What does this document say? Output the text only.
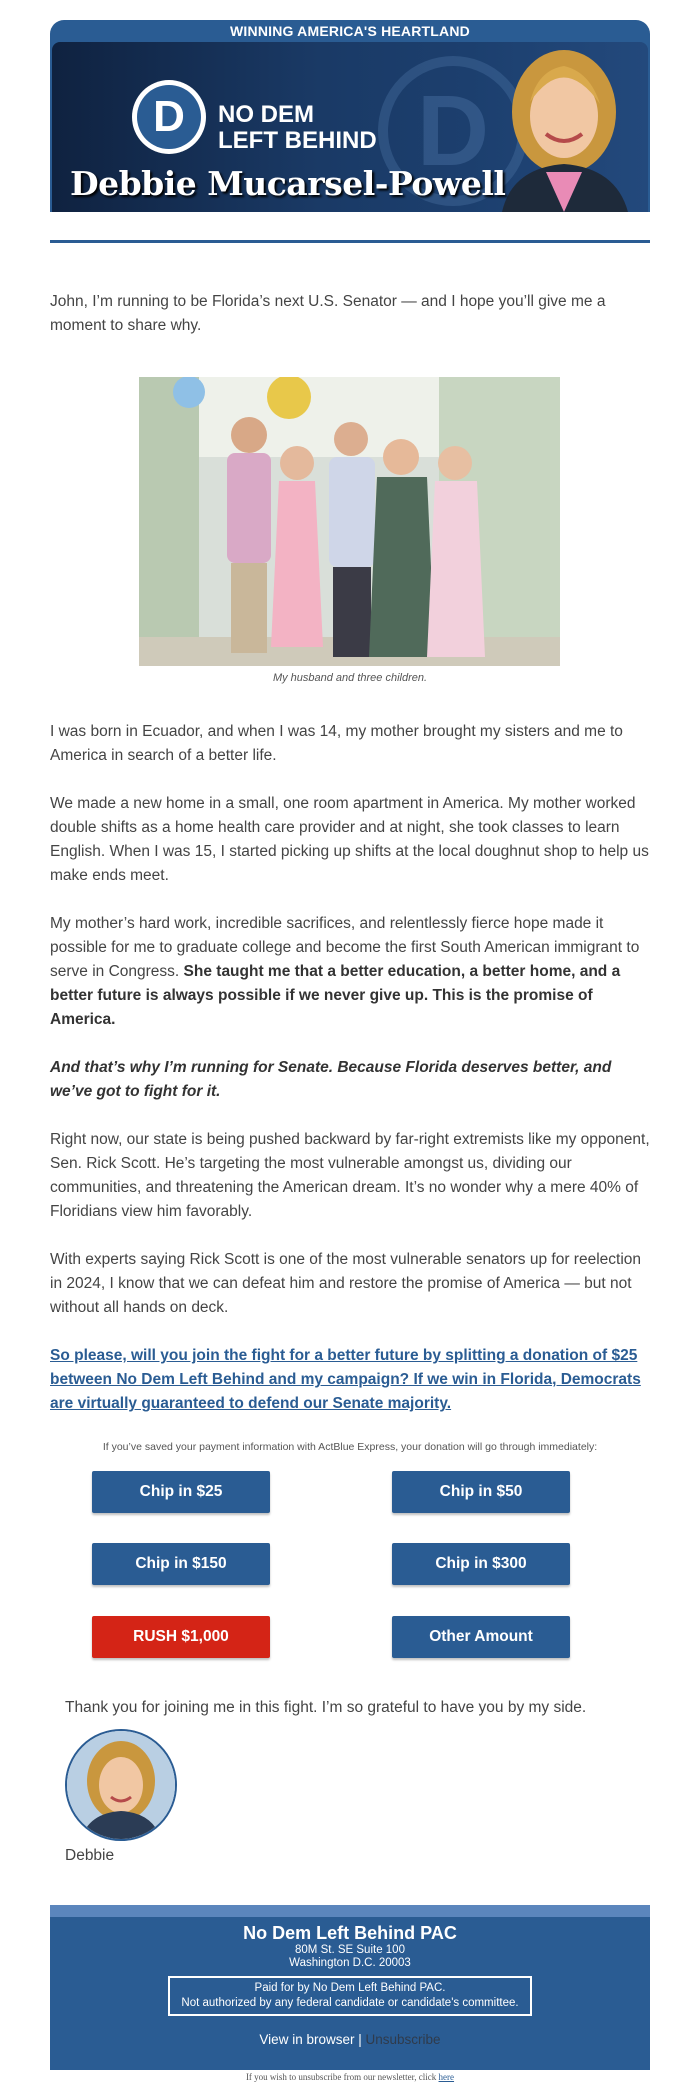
WINNING AMERICA'S HEARTLAND
D
D	NO DEM
LEFT BEHIND
Debbie Mucarsel-Powell

John, I’m running to be Florida’s next U.S. Senator — and I hope you’ll give me a moment to share why.

My husband and three children.

I was born in Ecuador, and when I was 14, my mother brought my sisters and me to America in search of a better life.

We made a new home in a small, one room apartment in America. My mother worked double shifts as a home health care provider and at night, she took classes to learn English. When I was 15, I started picking up shifts at the local doughnut shop to help us make ends meet.

My mother’s hard work, incredible sacrifices, and relentlessly fierce hope made it possible for me to graduate college and become the first South American immigrant to serve in Congress. She taught me that a better education, a better home, and a better future is always possible if we never give up. This is the promise of America.

And that’s why I’m running for Senate. Because Florida deserves better, and we’ve got to fight for it.

Right now, our state is being pushed backward by far-right extremists like my opponent, Sen. Rick Scott. He’s targeting the most vulnerable amongst us, dividing our communities, and threatening the American dream. It’s no wonder why a mere 40% of Floridians view him favorably.

With experts saying Rick Scott is one of the most vulnerable senators up for reelection in 2024, I know that we can defeat him and restore the promise of America — but not without all hands on deck.

So please, will you join the fight for a better future by splitting a donation of $25 between No Dem Left Behind and my campaign? If we win in Florida, Democrats are virtually guaranteed to defend our Senate majority.
If you’ve saved your payment information with ActBlue Express, your donation will go through immediately:
Chip in $25	Chip in $50
Chip in $150	Chip in $300
RUSH $1,000	Other Amount
Thank you for joining me in this fight. I’m so grateful to have you by my side.
Debbie
No Dem Left Behind PAC
80M St. SE Suite 100
Washington D.C. 20003
Paid for by No Dem Left Behind PAC.
Not authorized by any federal candidate or candidate's committee.
View in browser | Unsubscribe
If you wish to unsubscribe from our newsletter, click here
